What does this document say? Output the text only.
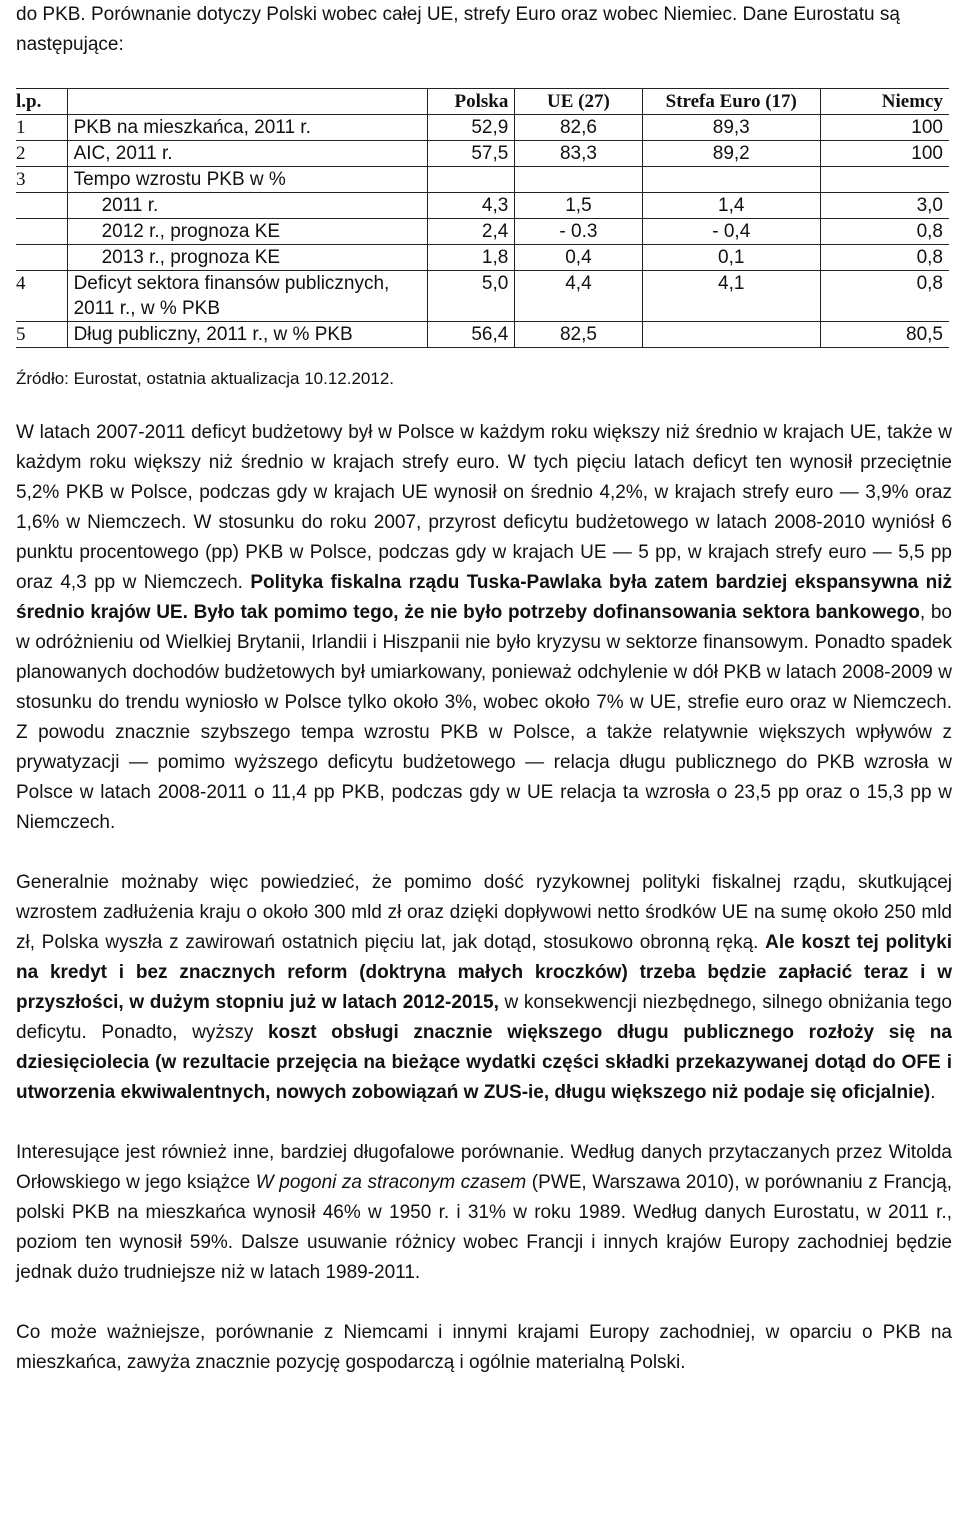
do PKB. Porównanie dotyczy Polski wobec całej UE, strefy Euro oraz wobec Niemiec. Dane Eurostatu są następujące:

l.p.		Polska	UE (27)	Strefa Euro (17)	Niemcy
1	PKB na mieszkańca, 2011 r.	52,9	82,6	89,3	100
2	AIC, 2011 r.	57,5	83,3	89,2	100
3	Tempo wzrostu PKB w %				
	2011 r.	4,3	1,5	1,4	3,0
	2012 r., prognoza KE	2,4	- 0.3	- 0,4	0,8
	2013 r., prognoza KE	1,8	0,4	0,1	0,8
4	Deficyt sektora finansów publicznych, 2011 r., w % PKB	5,0	4,4	4,1	0,8
5	Dług publiczny, 2011 r., w % PKB	56,4	82,5		80,5

Źródło: Eurostat, ostatnia aktualizacja 10.12.2012.

W latach 2007-2011 deficyt budżetowy był w Polsce w każdym roku większy niż średnio w krajach UE, także w każdym roku większy niż średnio w krajach strefy euro. W tych pięciu latach deficyt ten wynosił przeciętnie 5,2% PKB w Polsce, podczas gdy w krajach UE wynosił on średnio 4,2%, w krajach strefy euro — 3,9% oraz 1,6% w Niemczech. W stosunku do roku 2007, przyrost deficytu budżetowego w latach 2008-2010 wyniósł 6 punktu procentowego (pp) PKB w Polsce, podczas gdy w krajach UE — 5 pp, w krajach strefy euro — 5,5 pp oraz 4,3 pp w Niemczech. Polityka fiskalna rządu Tuska-Pawlaka była zatem bardziej ekspansywna niż średnio krajów UE. Było tak pomimo tego, że nie było potrzeby dofinansowania sektora bankowego, bo w odróżnieniu od Wielkiej Brytanii, Irlandii i Hiszpanii nie było kryzysu w sektorze finansowym. Ponadto spadek planowanych dochodów budżetowych był umiarkowany, ponieważ odchylenie w dół PKB w latach 2008-2009 w stosunku do trendu wyniosło w Polsce tylko około 3%, wobec około 7% w UE, strefie euro oraz w Niemczech. Z powodu znacznie szybszego tempa wzrostu PKB w Polsce, a także relatywnie większych wpływów z prywatyzacji — pomimo wyższego deficytu budżetowego — relacja długu publicznego do PKB wzrosła w Polsce w latach 2008-2011 o 11,4 pp PKB, podczas gdy w UE relacja ta wzrosła o 23,5 pp oraz o 15,3 pp w Niemczech.

Generalnie możnaby więc powiedzieć, że pomimo dość ryzykownej polityki fiskalnej rządu, skutkującej wzrostem zadłużenia kraju o około 300 mld zł oraz dzięki dopływowi netto środków UE na sumę około 250 mld zł, Polska wyszła z zawirowań ostatnich pięciu lat, jak dotąd, stosukowo obronną ręką. Ale koszt tej polityki na kredyt i bez znacznych reform (doktryna małych kroczków) trzeba będzie zapłacić teraz i w przyszłości, w dużym stopniu już w latach 2012-2015, w konsekwencji niezbędnego, silnego obniżania tego deficytu. Ponadto, wyższy koszt obsługi znacznie większego długu publicznego rozłoży się na dziesięciolecia (w rezultacie przejęcia na bieżące wydatki części składki przekazywanej dotąd do OFE i utworzenia ekwiwalentnych, nowych zobowiązań w ZUS-ie, długu większego niż podaje się oficjalnie).

Interesujące jest również inne, bardziej długofalowe porównanie. Według danych przytaczanych przez Witolda Orłowskiego w jego książce W pogoni za straconym czasem (PWE, Warszawa 2010), w porównaniu z Francją, polski PKB na mieszkańca wynosił 46% w 1950 r. i 31% w roku 1989. Według danych Eurostatu, w 2011 r., poziom ten wynosił 59%. Dalsze usuwanie różnicy wobec Francji i innych krajów Europy zachodniej będzie jednak dużo trudniejsze niż w latach 1989-2011.

Co może ważniejsze, porównanie z Niemcami i innymi krajami Europy zachodniej, w oparciu o PKB na mieszkańca, zawyża znacznie pozycję gospodarczą i ogólnie materialną Polski.
